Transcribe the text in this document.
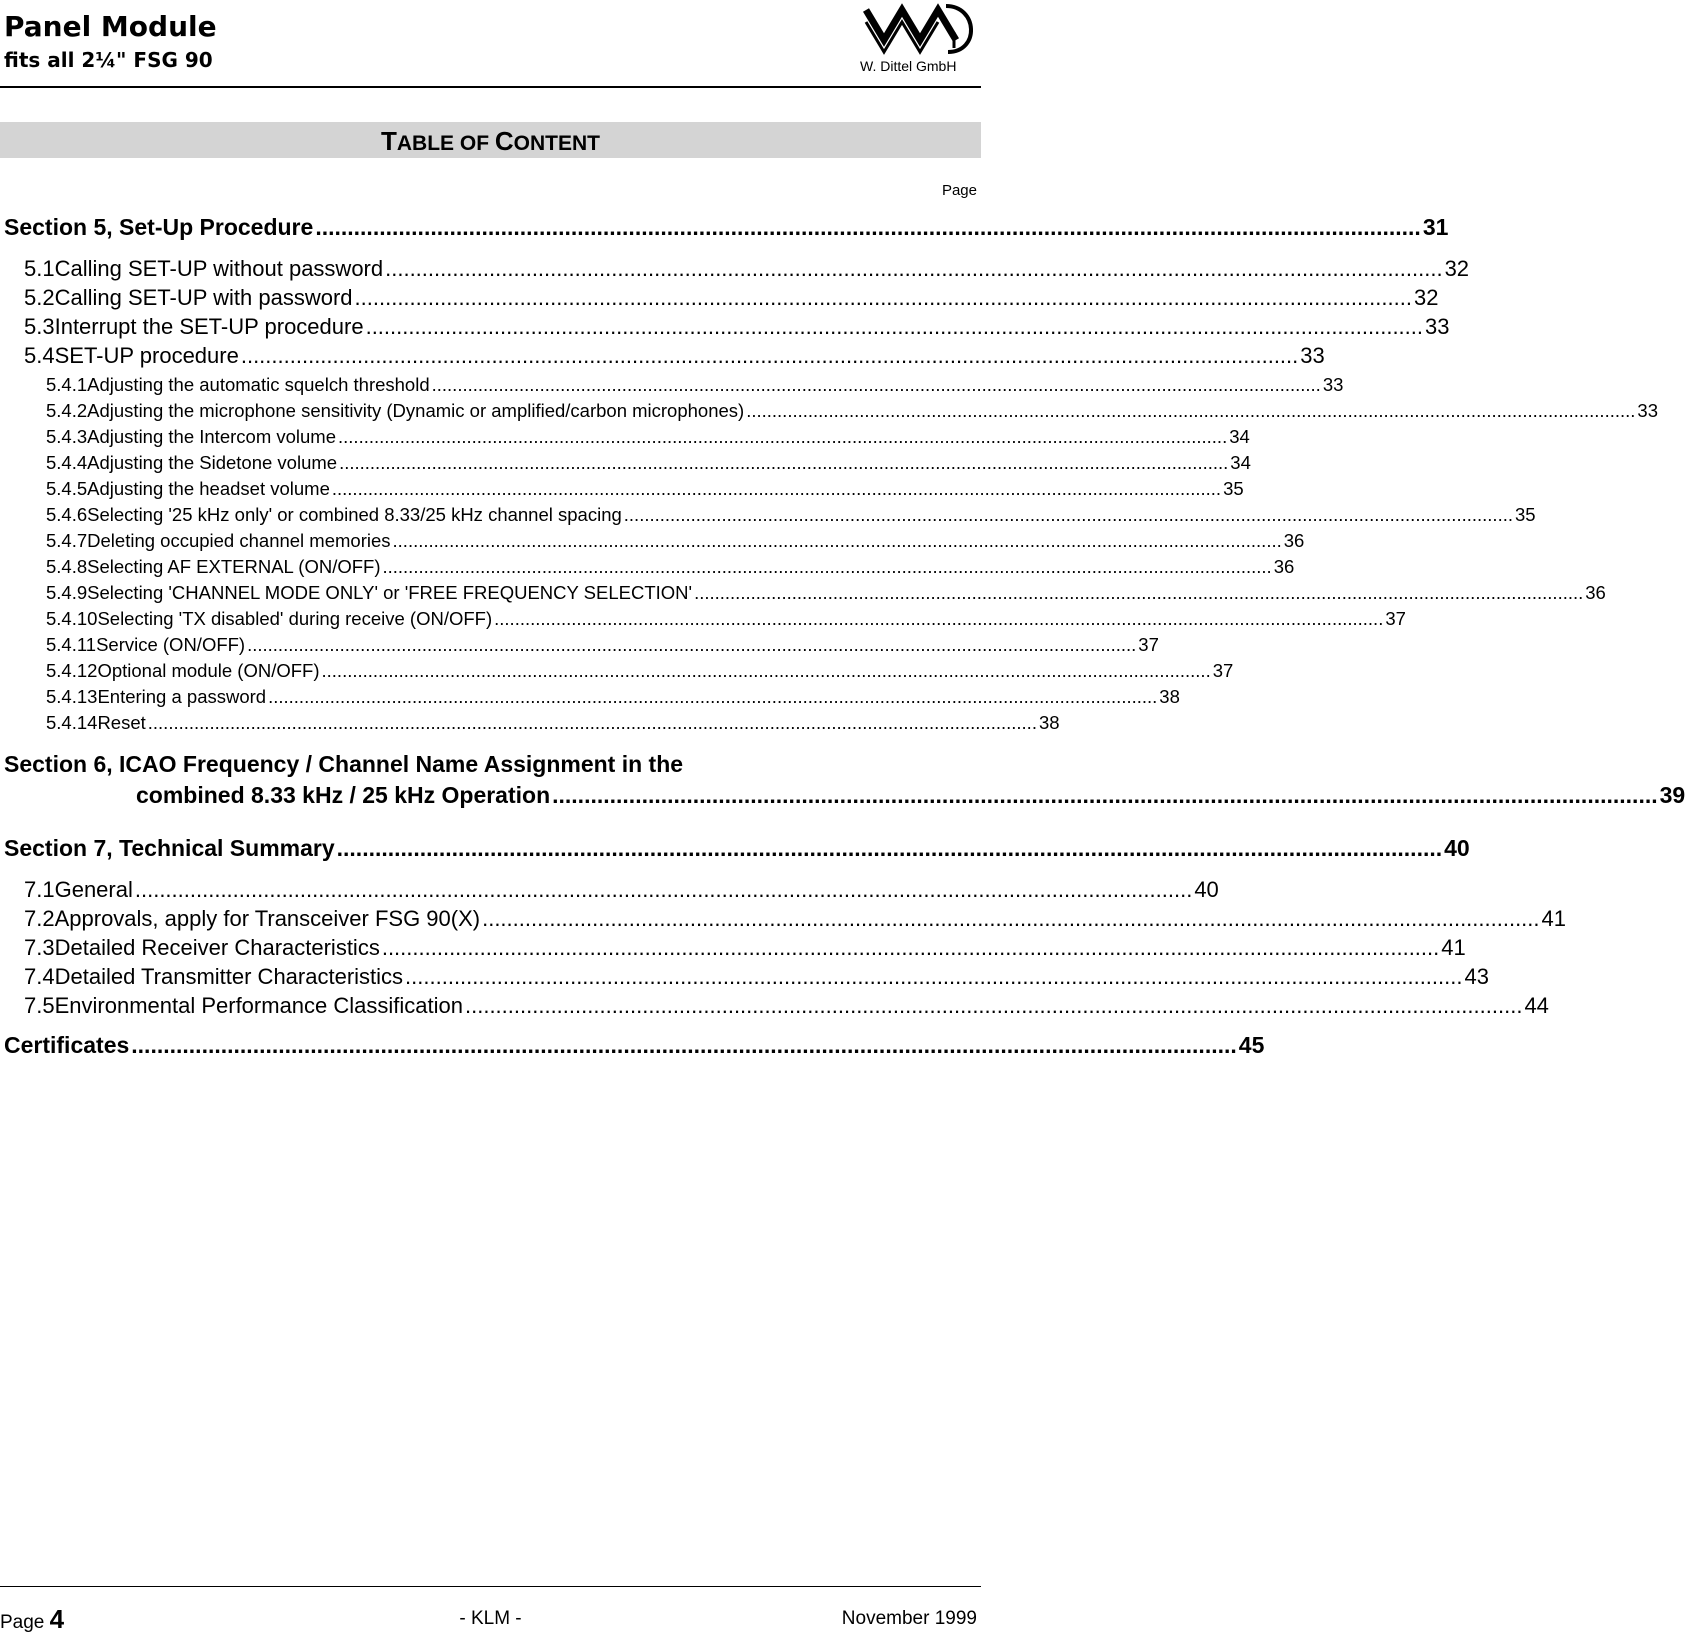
Panel Module
fits all 2¼" FSG 90	W. Dittel GmbH
TABLE OF CONTENT
Page
Section 5, Set-Up Procedure ............................................................................................................................................................................. 31
5.1 Calling SET-UP without password ............................................................................................................................................................................. 32
5.2 Calling SET-UP with password ............................................................................................................................................................................. 32
5.3 Interrupt the SET-UP procedure ............................................................................................................................................................................. 33
5.4 SET-UP procedure ............................................................................................................................................................................. 33
5.4.1 Adjusting the automatic squelch threshold ............................................................................................................................................................................. 33
5.4.2 Adjusting the microphone sensitivity (Dynamic or amplified/carbon microphones) ............................................................................................................................................................................. 33
5.4.3 Adjusting the Intercom volume ............................................................................................................................................................................. 34
5.4.4 Adjusting the Sidetone volume ............................................................................................................................................................................. 34
5.4.5 Adjusting the headset volume ............................................................................................................................................................................. 35
5.4.6 Selecting '25 kHz only' or combined 8.33/25 kHz channel spacing ............................................................................................................................................................................. 35
5.4.7 Deleting occupied channel memories ............................................................................................................................................................................. 36
5.4.8 Selecting AF EXTERNAL (ON/OFF) ............................................................................................................................................................................. 36
5.4.9 Selecting 'CHANNEL MODE ONLY' or 'FREE FREQUENCY SELECTION' ............................................................................................................................................................................. 36
5.4.10 Selecting 'TX disabled' during receive (ON/OFF) ............................................................................................................................................................................. 37
5.4.11 Service (ON/OFF) ............................................................................................................................................................................. 37
5.4.12 Optional module (ON/OFF) ............................................................................................................................................................................. 37
5.4.13 Entering a password ............................................................................................................................................................................. 38
5.4.14 Reset ............................................................................................................................................................................. 38
Section 6, ICAO Frequency / Channel Name Assignment in the
combined 8.33 kHz / 25 kHz Operation ............................................................................................................................................................................. 39
Section 7, Technical Summary ............................................................................................................................................................................. 40
7.1 General ............................................................................................................................................................................. 40
7.2 Approvals, apply for Transceiver FSG 90(X) ............................................................................................................................................................................. 41
7.3 Detailed Receiver Characteristics ............................................................................................................................................................................. 41
7.4 Detailed Transmitter Characteristics ............................................................................................................................................................................. 43
7.5 Environmental Performance Classification ............................................................................................................................................................................. 44
Certificates ............................................................................................................................................................................. 45
Page 4	- KLM -	November 1999
